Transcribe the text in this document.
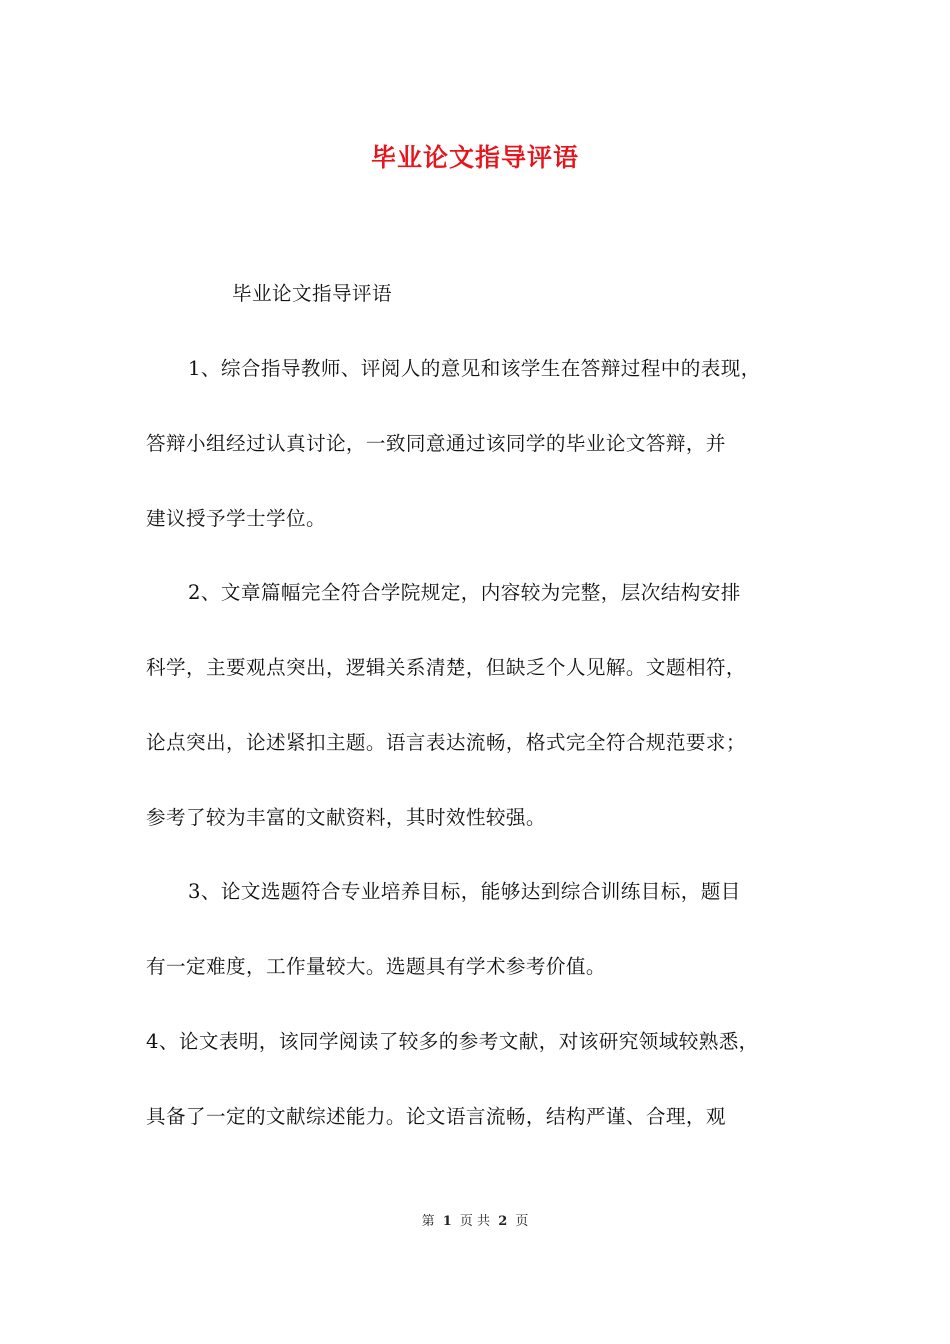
毕业论文指导评语
毕业论文指导评语
1、综合指导教师、评阅人的意见和该学生在答辩过程中的表现，
答辩小组经过认真讨论，一致同意通过该同学的毕业论文答辩，并
建议授予学士学位。
2、文章篇幅完全符合学院规定，内容较为完整，层次结构安排
科学，主要观点突出，逻辑关系清楚，但缺乏个人见解。文题相符，
论点突出，论述紧扣主题。语言表达流畅，格式完全符合规范要求；
参考了较为丰富的文献资料，其时效性较强。
3、论文选题符合专业培养目标，能够达到综合训练目标，题目
有一定难度，工作量较大。选题具有学术参考价值。
4、论文表明，该同学阅读了较多的参考文献，对该研究领域较熟悉，
具备了一定的文献综述能力。论文语言流畅，结构严谨、合理，观
第 1 页 共 2 页
